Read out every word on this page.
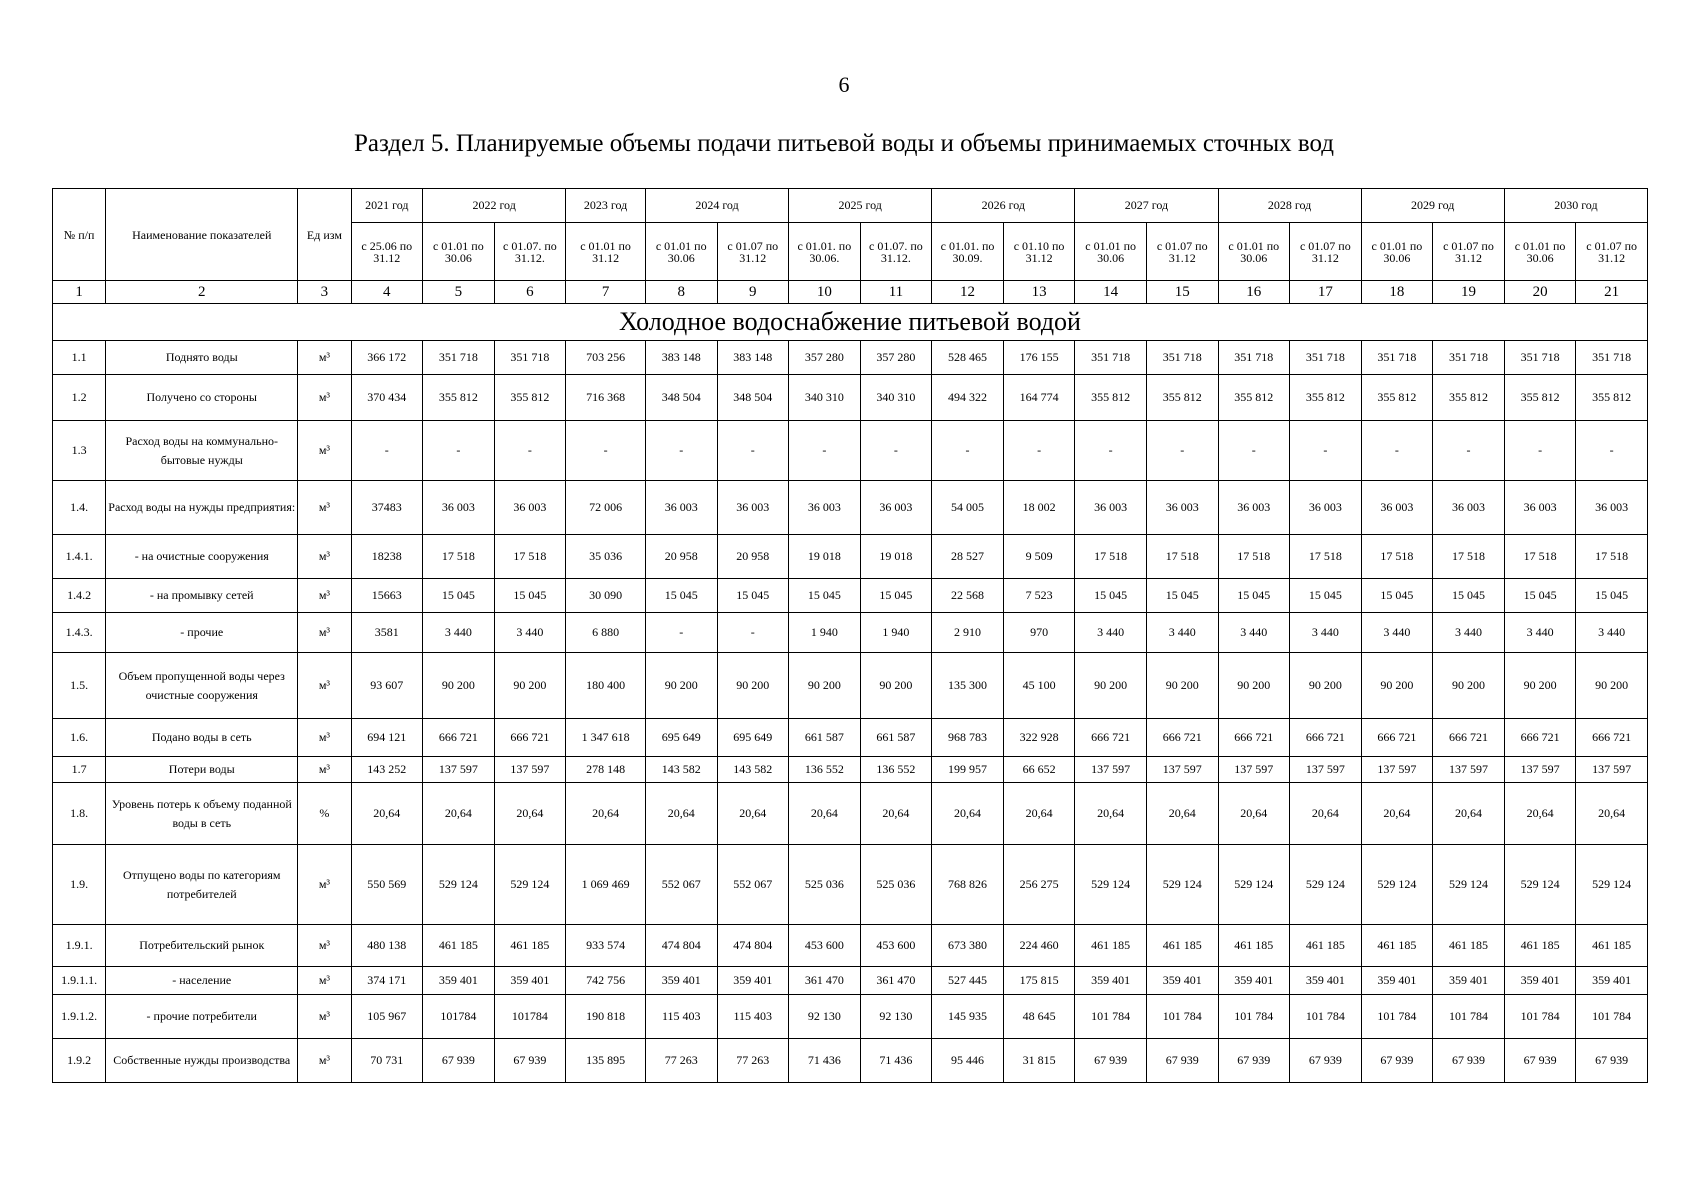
6
Раздел 5. Планируемые объемы подачи питьевой воды и объемы принимаемых сточных вод
№ п/п	Наименование показателей	Ед изм	2021 год	2022 год		2023 год	2024 год		2025 год		2026 год		2027 год		2028 год		2029 год		2030 год	
			с 25.06 по 31.12	с 01.01 по 30.06	с 01.07. по 31.12.	с 01.01 по 31.12	с 01.01 по 30.06	с 01.07 по 31.12	с 01.01. по 30.06.	с 01.07. по 31.12.	с 01.01. по 30.09.	с 01.10 по 31.12	с 01.01 по 30.06	с 01.07 по 31.12	с 01.01 по 30.06	с 01.07 по 31.12	с 01.01 по 30.06	с 01.07 по 31.12	с 01.01 по 30.06	с 01.07 по 31.12
1	2	3	4	5	6	7	8	9	10	11	12	13	14	15	16	17	18	19	20	21
Холодное водоснабжение питьевой водой																				
1.1	Поднято воды	м³	366 172	351 718	351 718	703 256	383 148	383 148	357 280	357 280	528 465	176 155	351 718	351 718	351 718	351 718	351 718	351 718	351 718	351 718
1.2	Получено со стороны	м³	370 434	355 812	355 812	716 368	348 504	348 504	340 310	340 310	494 322	164 774	355 812	355 812	355 812	355 812	355 812	355 812	355 812	355 812
1.3	Расход воды на коммунально-бытовые нужды	м³	-	-	-	-	-	-	-	-	-	-	-	-	-	-	-	-	-	-
1.4.	Расход воды на нужды предприятия:	м³	37483	36 003	36 003	72 006	36 003	36 003	36 003	36 003	54 005	18 002	36 003	36 003	36 003	36 003	36 003	36 003	36 003	36 003
1.4.1.	- на очистные сооружения	м³	18238	17 518	17 518	35 036	20 958	20 958	19 018	19 018	28 527	9 509	17 518	17 518	17 518	17 518	17 518	17 518	17 518	17 518
1.4.2	- на промывку сетей	м³	15663	15 045	15 045	30 090	15 045	15 045	15 045	15 045	22 568	7 523	15 045	15 045	15 045	15 045	15 045	15 045	15 045	15 045
1.4.3.	- прочие	м³	3581	3 440	3 440	6 880	-	-	1 940	1 940	2 910	970	3 440	3 440	3 440	3 440	3 440	3 440	3 440	3 440
1.5.	Объем пропущенной воды через очистные сооружения	м³	93 607	90 200	90 200	180 400	90 200	90 200	90 200	90 200	135 300	45 100	90 200	90 200	90 200	90 200	90 200	90 200	90 200	90 200
1.6.	Подано воды в сеть	м³	694 121	666 721	666 721	1 347 618	695 649	695 649	661 587	661 587	968 783	322 928	666 721	666 721	666 721	666 721	666 721	666 721	666 721	666 721
1.7	Потери воды	м³	143 252	137 597	137 597	278 148	143 582	143 582	136 552	136 552	199 957	66 652	137 597	137 597	137 597	137 597	137 597	137 597	137 597	137 597
1.8.	Уровень потерь к объему поданной воды в сеть	%	20,64	20,64	20,64	20,64	20,64	20,64	20,64	20,64	20,64	20,64	20,64	20,64	20,64	20,64	20,64	20,64	20,64	20,64
1.9.	Отпущено воды по категориям потребителей	м³	550 569	529 124	529 124	1 069 469	552 067	552 067	525 036	525 036	768 826	256 275	529 124	529 124	529 124	529 124	529 124	529 124	529 124	529 124
1.9.1.	Потребительский рынок	м³	480 138	461 185	461 185	933 574	474 804	474 804	453 600	453 600	673 380	224 460	461 185	461 185	461 185	461 185	461 185	461 185	461 185	461 185
1.9.1.1.	- население	м³	374 171	359 401	359 401	742 756	359 401	359 401	361 470	361 470	527 445	175 815	359 401	359 401	359 401	359 401	359 401	359 401	359 401	359 401
1.9.1.2.	- прочие потребители	м³	105 967	101784	101784	190 818	115 403	115 403	92 130	92 130	145 935	48 645	101 784	101 784	101 784	101 784	101 784	101 784	101 784	101 784
1.9.2	Собственные нужды производства	м³	70 731	67 939	67 939	135 895	77 263	77 263	71 436	71 436	95 446	31 815	67 939	67 939	67 939	67 939	67 939	67 939	67 939	67 939
